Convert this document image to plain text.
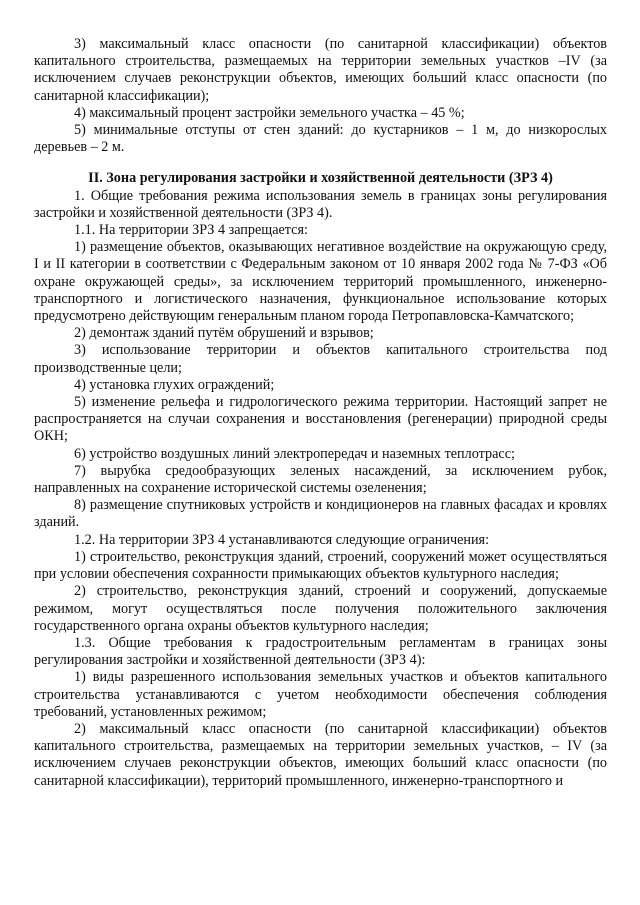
3) максимальный класс опасности (по санитарной классификации) объектов капитального строительства, размещаемых на территории земельных участков –IV (за исключением случаев реконструкции объектов, имеющих больший класс опасности (по санитарной классификации);

4) максимальный процент застройки земельного участка – 45 %;

5) минимальные отступы от стен зданий: до кустарников – 1 м, до низкорослых деревьев – 2 м.

II. Зона регулирования застройки и хозяйственной деятельности (ЗРЗ 4)

1. Общие требования режима использования земель в границах зоны регулирования застройки и хозяйственной деятельности (ЗРЗ 4).

1.1. На территории ЗРЗ 4 запрещается:

1) размещение объектов, оказывающих негативное воздействие на окружающую среду, I и II категории в соответствии с Федеральным законом от 10 января 2002 года № 7-ФЗ «Об охране окружающей среды», за исключением территорий промышленного, инженерно-транспортного и логистического назначения, функциональное использование которых предусмотрено действующим генеральным планом города Петропавловска-Камчатского;

2) демонтаж зданий путём обрушений и взрывов;

3) использование территории и объектов капитального строительства под производственные цели;

4) установка глухих ограждений;

5) изменение рельефа и гидрологического режима территории. Настоящий запрет не распространяется на случаи сохранения и восстановления (регенерации) природной среды ОКН;

6) устройство воздушных линий электропередач и наземных теплотрасс;

7) вырубка средообразующих зеленых насаждений, за исключением рубок, направленных на сохранение исторической системы озеленения;

8) размещение спутниковых устройств и кондиционеров на главных фасадах и кровлях зданий.

1.2. На территории ЗРЗ 4 устанавливаются следующие ограничения:

1) строительство, реконструкция зданий, строений, сооружений может осуществляться при условии обеспечения сохранности примыкающих объектов культурного наследия;

2) строительство, реконструкция зданий, строений и сооружений, допускаемые режимом, могут осуществляться после получения положительного заключения государственного органа охраны объектов культурного наследия;

1.3. Общие требования к градостроительным регламентам в границах зоны регулирования застройки и хозяйственной деятельности (ЗРЗ 4):

1) виды разрешенного использования земельных участков и объектов капитального строительства устанавливаются с учетом необходимости обеспечения соблюдения требований, установленных режимом;

2) максимальный класс опасности (по санитарной классификации) объектов капитального строительства, размещаемых на территории земельных участков, – IV (за исключением случаев реконструкции объектов, имеющих больший класс опасности (по санитарной классификации), территорий промышленного, инженерно-транспортного и
